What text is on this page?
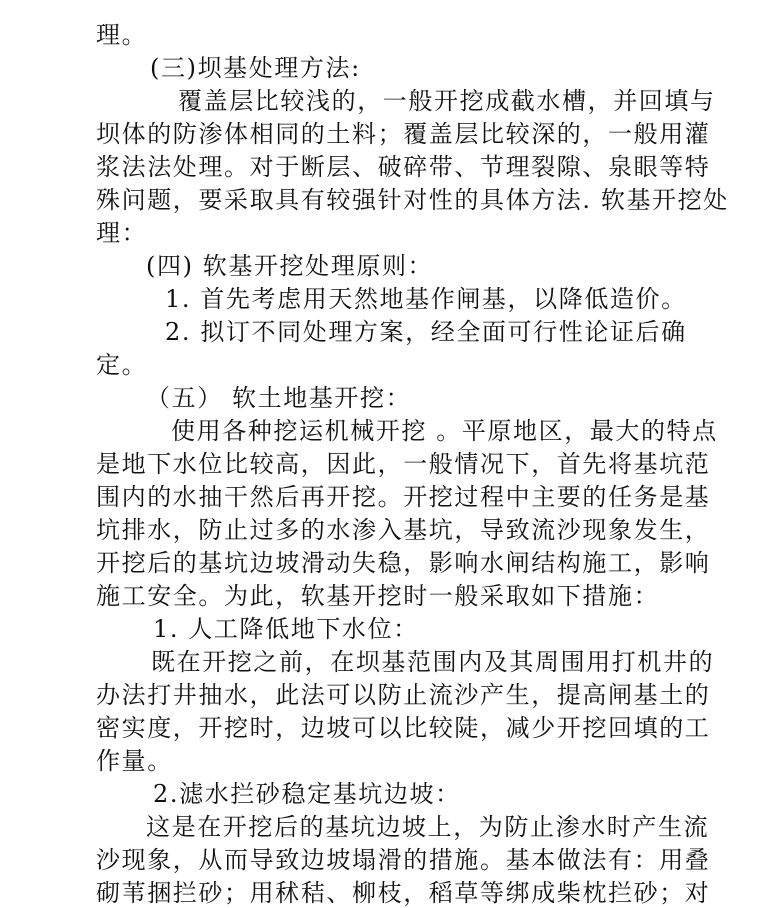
理。
(三)坝基处理方法:
覆盖层比较浅的，一般开挖成截水槽，并回填与
坝体的防渗体相同的土料；覆盖层比较深的，一般用灌
浆法法处理。对于断层、破碎带、节理裂隙、泉眼等特
殊问题，要采取具有较强针对性的具体方法. 软基开挖处
理：
(四) 软基开挖处理原则：
1. 首先考虑用天然地基作闸基，以降低造价。
2. 拟订不同处理方案，经全面可行性论证后确
定。
（五） 软土地基开挖：
使用各种挖运机械开挖 。平原地区，最大的特点
是地下水位比较高，因此，一般情况下，首先将基坑范
围内的水抽干然后再开挖。开挖过程中主要的任务是基
坑排水，防止过多的水渗入基坑，导致流沙现象发生，
开挖后的基坑边坡滑动失稳，影响水闸结构施工，影响
施工安全。为此，软基开挖时一般采取如下措施：
1. 人工降低地下水位：
既在开挖之前，在坝基范围内及其周围用打机井的
办法打井抽水，此法可以防止流沙产生，提高闸基土的
密实度，开挖时，边坡可以比较陡，减少开挖回填的工
作量。
2.滤水拦砂稳定基坑边坡：
这是在开挖后的基坑边坡上，为防止渗水时产生流
沙现象，从而导致边坡塌滑的措施。基本做法有：用叠
砌苇捆拦砂；用秫秸、柳枝，稻草等绑成柴枕拦砂；对
